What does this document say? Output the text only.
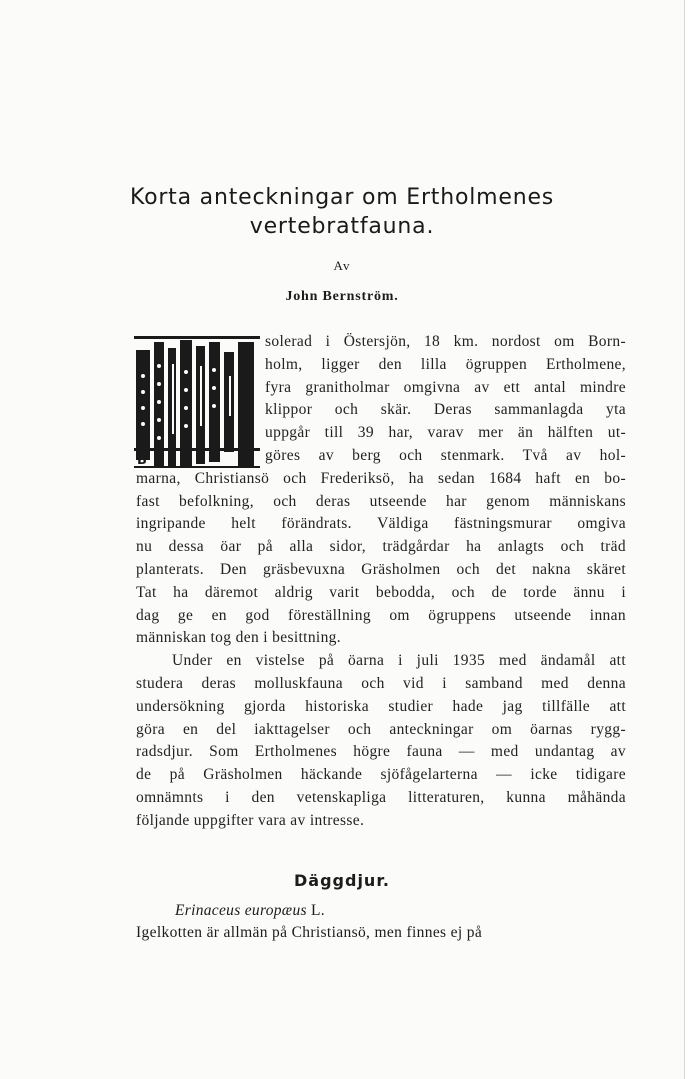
Korta anteckningar om Ertholmenes
vertebratfauna.
Av
John Bernström.
B
solerad i Östersjön, 18 km. nordost om Born-
holm, ligger den lilla ögruppen Ertholmene,
fyra granitholmar omgivna av ett antal mindre
klippor och skär. Deras sammanlagda yta
uppgår till 39 har, varav mer än hälften ut-
göres av berg och stenmark. Två av hol-
marna, Christiansö och Frederiksö, ha sedan 1684 haft en bo-
fast befolkning, och deras utseende har genom människans
ingripande helt förändrats. Väldiga fästningsmurar omgiva
nu dessa öar på alla sidor, trädgårdar ha anlagts och träd
planterats. Den gräsbevuxna Gräsholmen och det nakna skäret
Tat ha däremot aldrig varit bebodda, och de torde ännu i
dag ge en god föreställning om ögruppens utseende innan
människan tog den i besittning.
Under en vistelse på öarna i juli 1935 med ändamål att
studera deras molluskfauna och vid i samband med denna
undersökning gjorda historiska studier hade jag tillfälle att
göra en del iakttagelser och anteckningar om öarnas rygg-
radsdjur. Som Ertholmenes högre fauna — med undantag av
de på Gräsholmen häckande sjöfågelarterna — icke tidigare
omnämnts i den vetenskapliga litteraturen, kunna måhända
följande uppgifter vara av intresse.
Däggdjur.
Erinaceus europæus L.
Igelkotten är allmän på Christiansö, men finnes ej på
